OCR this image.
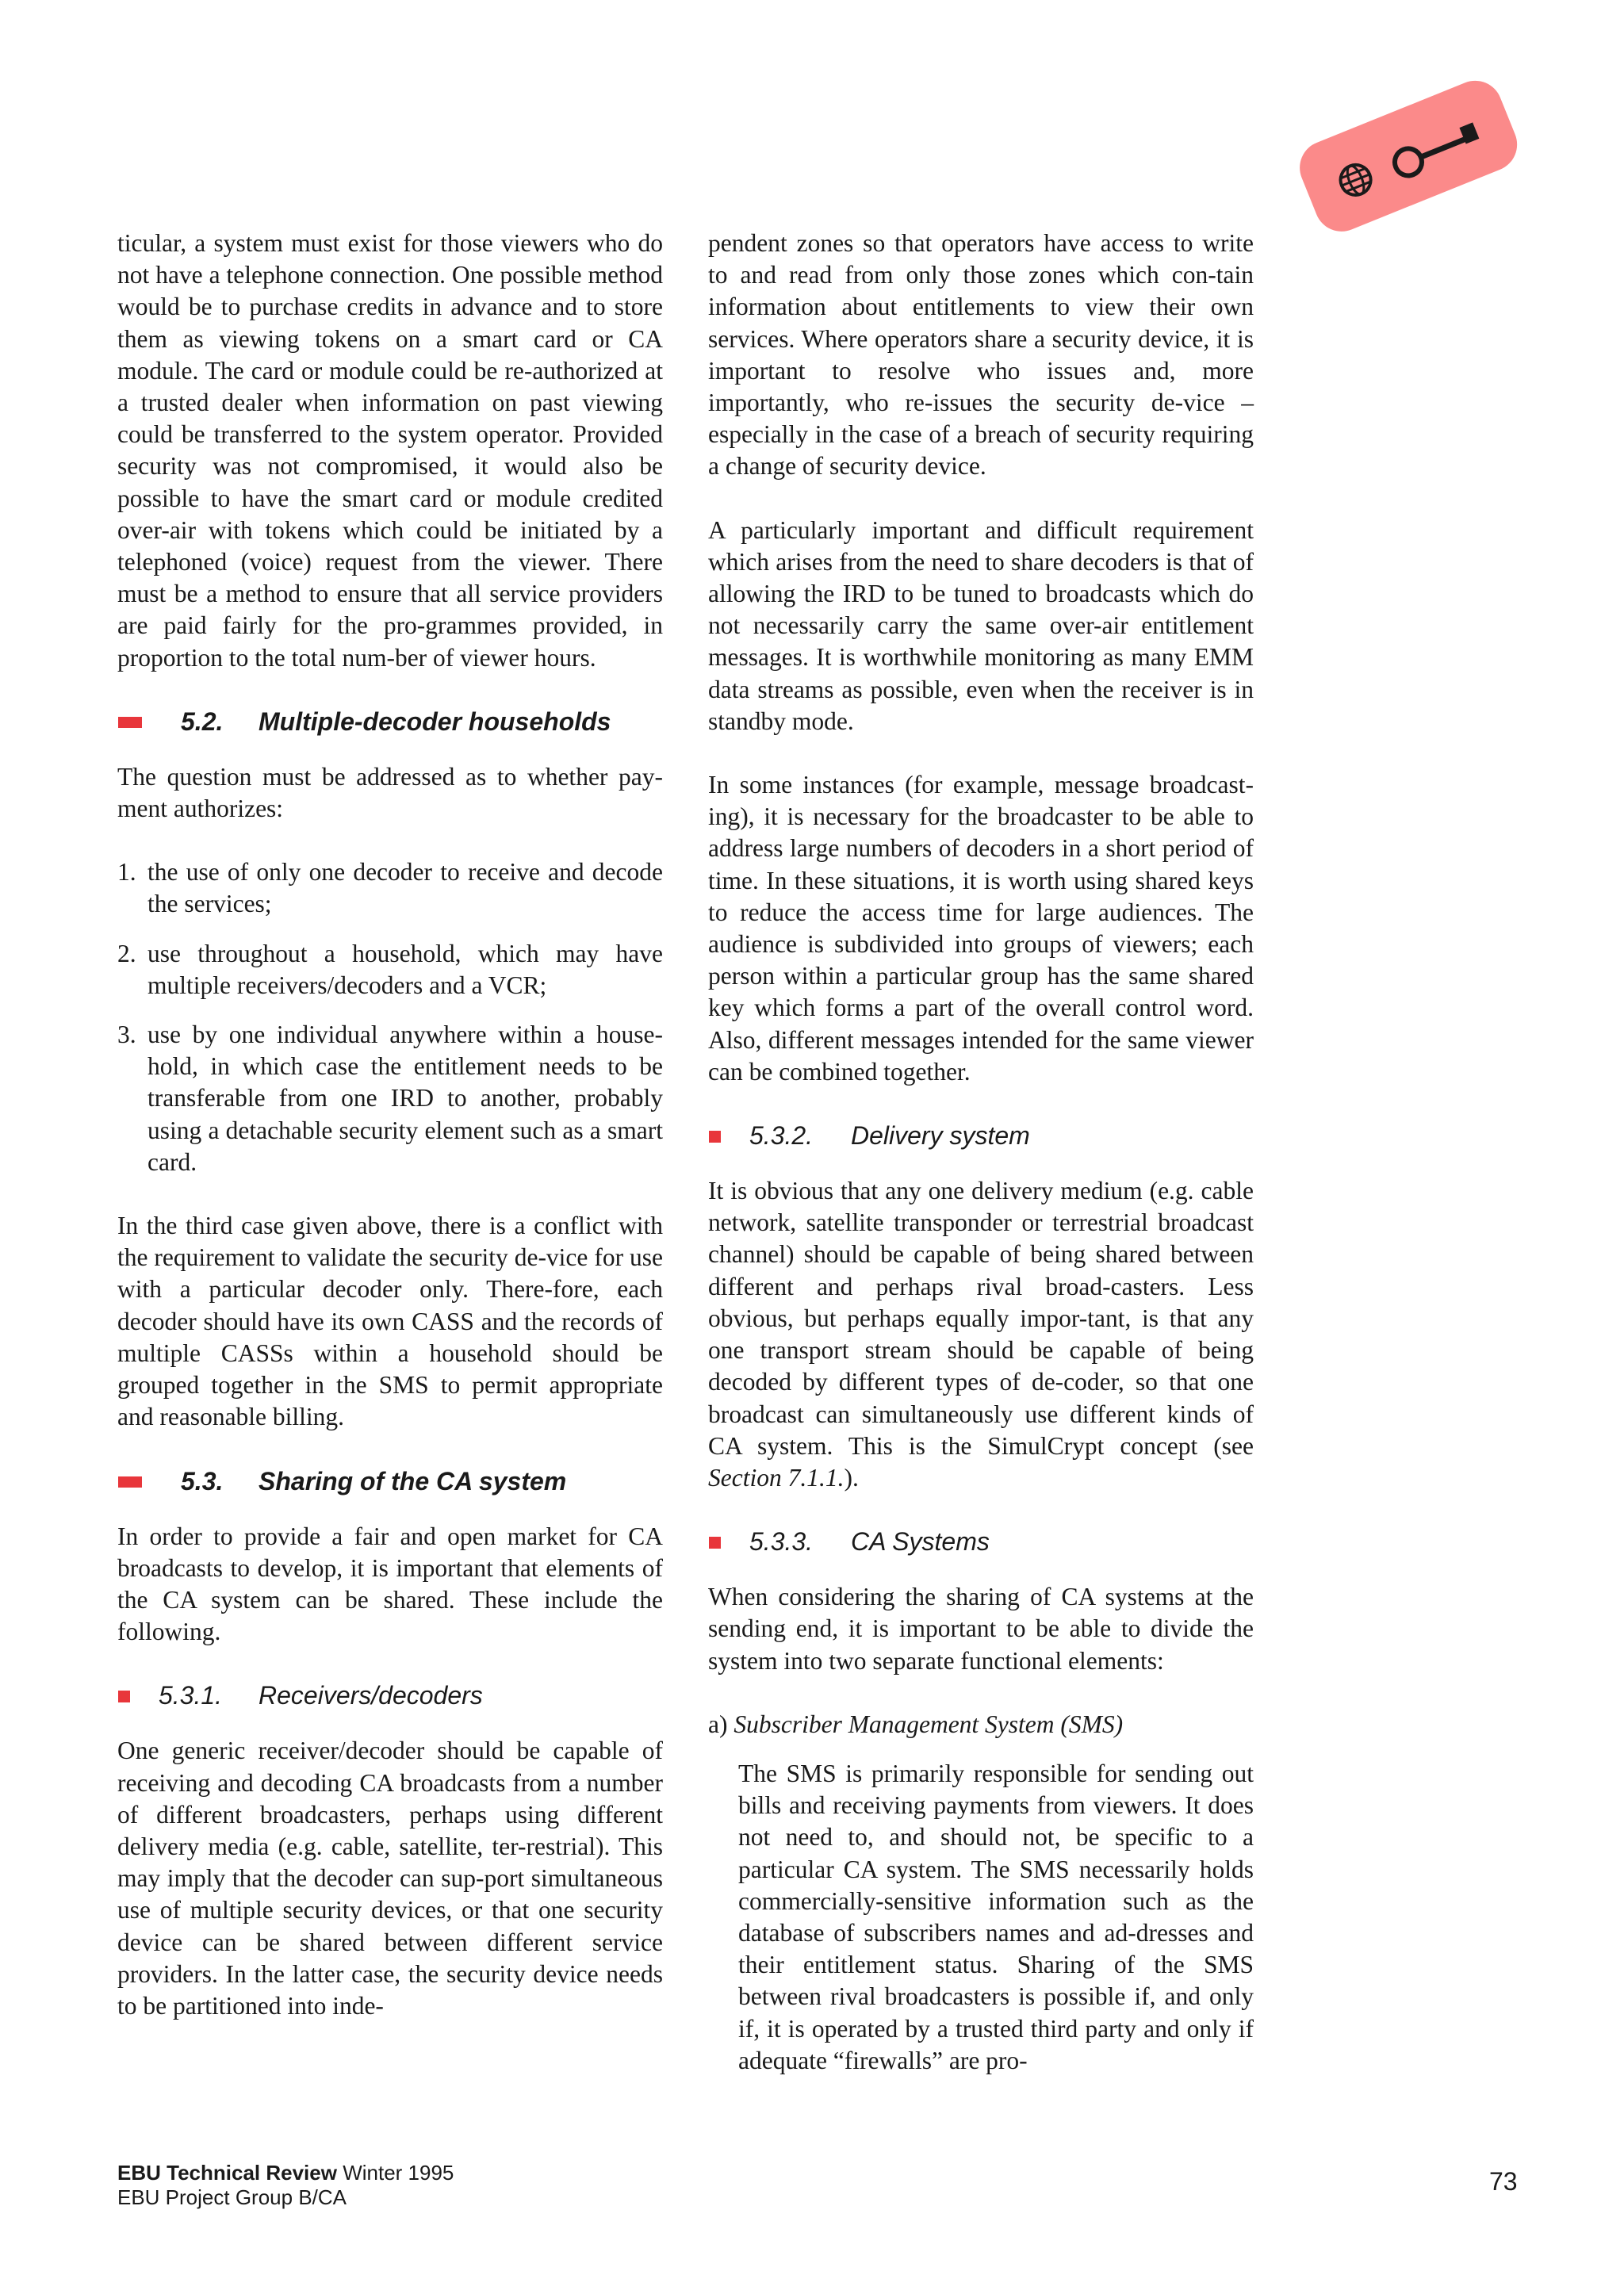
ticular, a system must exist for those viewers who do not have a telephone connection. One possible method would be to purchase credits in advance and to store them as viewing tokens on a smart card or CA module. The card or module could be re-authorized at a trusted dealer when information on past viewing could be transferred to the system operator. Provided security was not compromised, it would also be possible to have the smart card or module credited over-air with tokens which could be initiated by a telephoned (voice) request from the viewer. There must be a method to ensure that all service providers are paid fairly for the pro-grammes provided, in proportion to the total num-ber of viewer hours.

5.2. Multiple-decoder households

The question must be addressed as to whether pay-ment authorizes:

1. the use of only one decoder to receive and decode the services;
2. use throughout a household, which may have multiple receivers/decoders and a VCR;
3. use by one individual anywhere within a house-hold, in which case the entitlement needs to be transferable from one IRD to another, probably using a detachable security element such as a smart card.

In the third case given above, there is a conflict with the requirement to validate the security de-vice for use with a particular decoder only. There-fore, each decoder should have its own CASS and the records of multiple CASSs within a household should be grouped together in the SMS to permit appropriate and reasonable billing.

5.3. Sharing of the CA system

In order to provide a fair and open market for CA broadcasts to develop, it is important that elements of the CA system can be shared. These include the following.

5.3.1. Receivers/decoders

One generic receiver/decoder should be capable of receiving and decoding CA broadcasts from a number of different broadcasters, perhaps using different delivery media (e.g. cable, satellite, ter-restrial). This may imply that the decoder can sup-port simultaneous use of multiple security devices, or that one security device can be shared between different service providers. In the latter case, the security device needs to be partitioned into inde-

pendent zones so that operators have access to write to and read from only those zones which con-tain information about entitlements to view their own services. Where operators share a security device, it is important to resolve who issues and, more importantly, who re-issues the security de-vice – especially in the case of a breach of security requiring a change of security device.

A particularly important and difficult requirement which arises from the need to share decoders is that of allowing the IRD to be tuned to broadcasts which do not necessarily carry the same over-air entitlement messages. It is worthwhile monitoring as many EMM data streams as possible, even when the receiver is in standby mode.

In some instances (for example, message broadcast-ing), it is necessary for the broadcaster to be able to address large numbers of decoders in a short period of time. In these situations, it is worth using shared keys to reduce the access time for large audiences. The audience is subdivided into groups of viewers; each person within a particular group has the same shared key which forms a part of the overall control word. Also, different messages intended for the same viewer can be combined together.

5.3.2. Delivery system

It is obvious that any one delivery medium (e.g. cable network, satellite transponder or terrestrial broadcast channel) should be capable of being shared between different and perhaps rival broad-casters. Less obvious, but perhaps equally impor-tant, is that any one transport stream should be capable of being decoded by different types of de-coder, so that one broadcast can simultaneously use different kinds of CA system. This is the SimulCrypt concept (see Section 7.1.1.).

5.3.3. CA Systems

When considering the sharing of CA systems at the sending end, it is important to be able to divide the system into two separate functional elements:

a) Subscriber Management System (SMS)

The SMS is primarily responsible for sending out bills and receiving payments from viewers. It does not need to, and should not, be specific to a particular CA system. The SMS necessarily holds commercially-sensitive information such as the database of subscribers names and ad-dresses and their entitlement status. Sharing of the SMS between rival broadcasters is possible if, and only if, it is operated by a trusted third party and only if adequate “firewalls” are pro-

EBU Technical Review Winter 1995
EBU Project Group B/CA
73
